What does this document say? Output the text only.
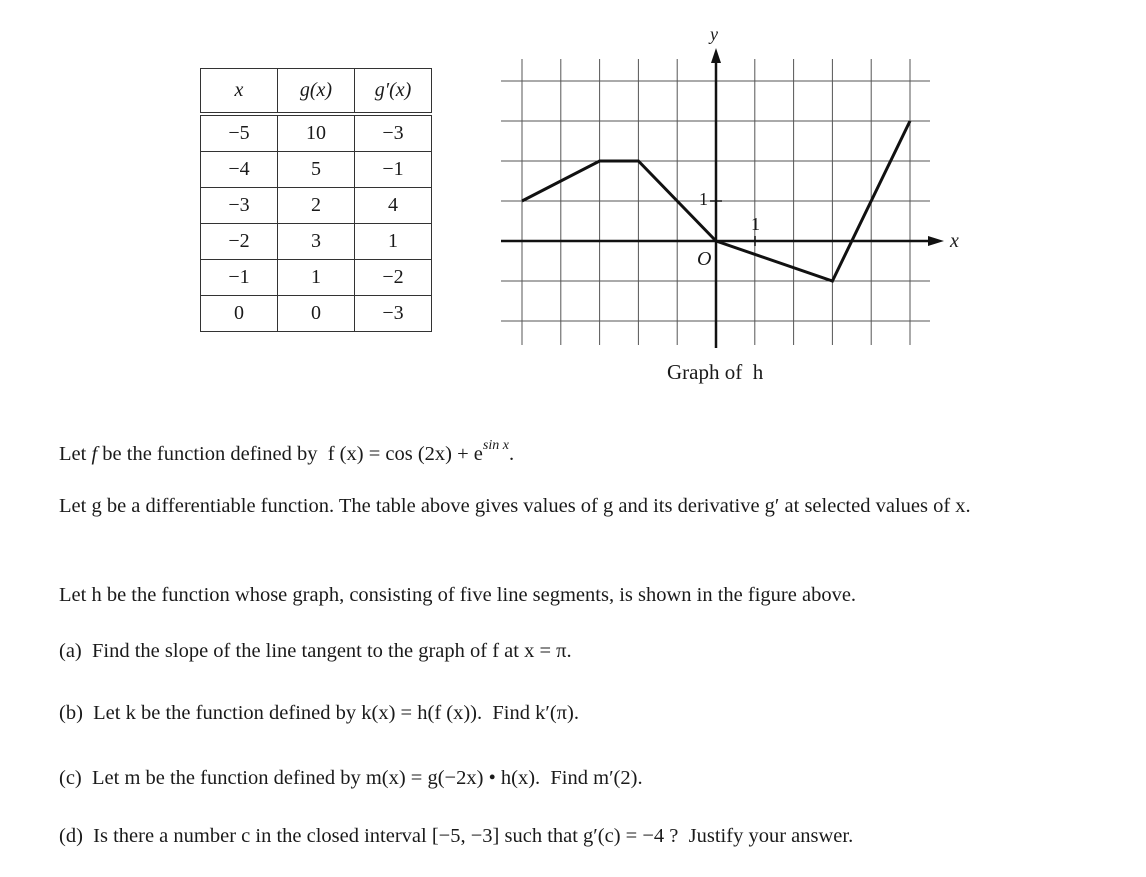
x	g(x)	g′(x)
−5	10	−3
−4	5	−1
−3	2	4
−2	3	1
−1	1	−2
0	0	−3
y
x
O
1
1
Graph of  h
Let f be the function defined by  f $(x) = \cos (2x) + e^{sin x}$.
Let g be a differentiable function. The table above gives values of g and its derivative g′ at selected values of x.
Let h be the function whose graph, consisting of five line segments, is shown in the figure above.
(a)  Find the slope of the line tangent to the graph of f at x = π.
(b)  Let k be the function defined by k(x) = h(f (x)).  Find k′(π).
(c)  Let m be the function defined by m(x) = g(−2x) • h(x).  Find m′(2).
(d)  Is there a number c in the closed interval [−5, −3] such that g′(c) = −4 ?  Justify your answer.
